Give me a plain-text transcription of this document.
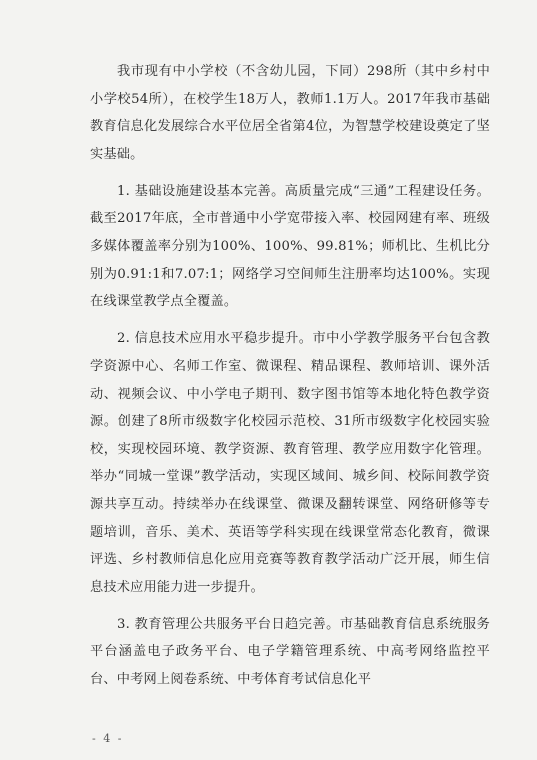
我市现有中小学校（不含幼儿园，下同）298所（其中乡村中小学校54所），在校学生18万人，教师1.1万人。2017年我市基础教育信息化发展综合水平位居全省第4位，为智慧学校建设奠定了坚实基础。

1. 基础设施建设基本完善。高质量完成“三通”工程建设任务。截至2017年底，全市普通中小学宽带接入率、校园网建有率、班级多媒体覆盖率分别为100%、100%、99.81%；师机比、生机比分别为0.91:1和7.07:1；网络学习空间师生注册率均达100%。实现在线课堂教学点全覆盖。

2. 信息技术应用水平稳步提升。市中小学教学服务平台包含教学资源中心、名师工作室、微课程、精品课程、教师培训、课外活动、视频会议、中小学电子期刊、数字图书馆等本地化特色教学资源。创建了8所市级数字化校园示范校、31所市级数字化校园实验校，实现校园环境、教学资源、教育管理、教学应用数字化管理。举办“同城一堂课”教学活动，实现区域间、城乡间、校际间教学资源共享互动。持续举办在线课堂、微课及翻转课堂、网络研修等专题培训，音乐、美术、英语等学科实现在线课堂常态化教育，微课评选、乡村教师信息化应用竞赛等教育教学活动广泛开展，师生信息技术应用能力进一步提升。

3. 教育管理公共服务平台日趋完善。市基础教育信息系统服务平台涵盖电子政务平台、电子学籍管理系统、中高考网络监控平台、中考网上阅卷系统、中考体育考试信息化平

- 4 -
